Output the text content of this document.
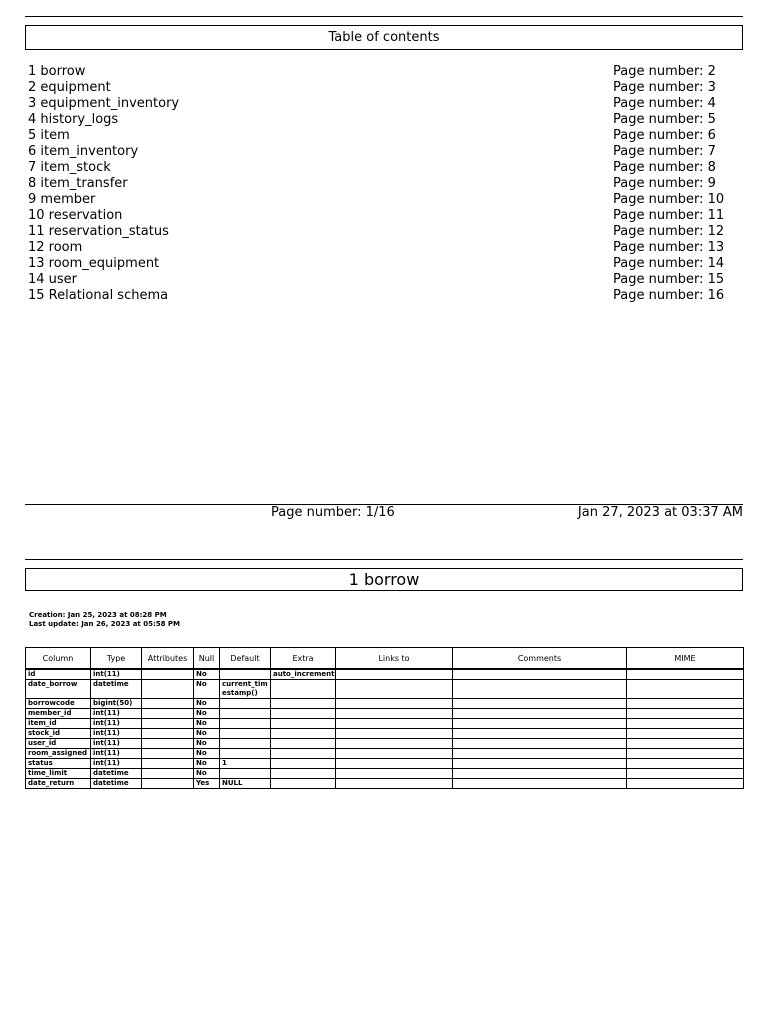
Table of contents
1 borrow	Page number: 2
2 equipment	Page number: 3
3 equipment_inventory	Page number: 4
4 history_logs	Page number: 5
5 item	Page number: 6
6 item_inventory	Page number: 7
7 item_stock	Page number: 8
8 item_transfer	Page number: 9
9 member	Page number: 10
10 reservation	Page number: 11
11 reservation_status	Page number: 12
12 room	Page number: 13
13 room_equipment	Page number: 14
14 user	Page number: 15
15 Relational schema	Page number: 16
Page number: 1/16	Jan 27, 2023 at 03:37 AM
1 borrow
Creation: Jan 25, 2023 at 08:28 PM
Last update: Jan 26, 2023 at 05:58 PM
Column	Type	Attributes	Null	Default	Extra	Links to	Comments	MIME
id	int(11)		No		auto_increment			
date_borrow	datetime		No	current_timestamp()				
borrowcode	bigint(50)		No					
member_id	int(11)		No					
item_id	int(11)		No					
stock_id	int(11)		No					
user_id	int(11)		No					
room_assigned	int(11)		No					
status	int(11)		No	1				
time_limit	datetime		No					
date_return	datetime		Yes	NULL				
